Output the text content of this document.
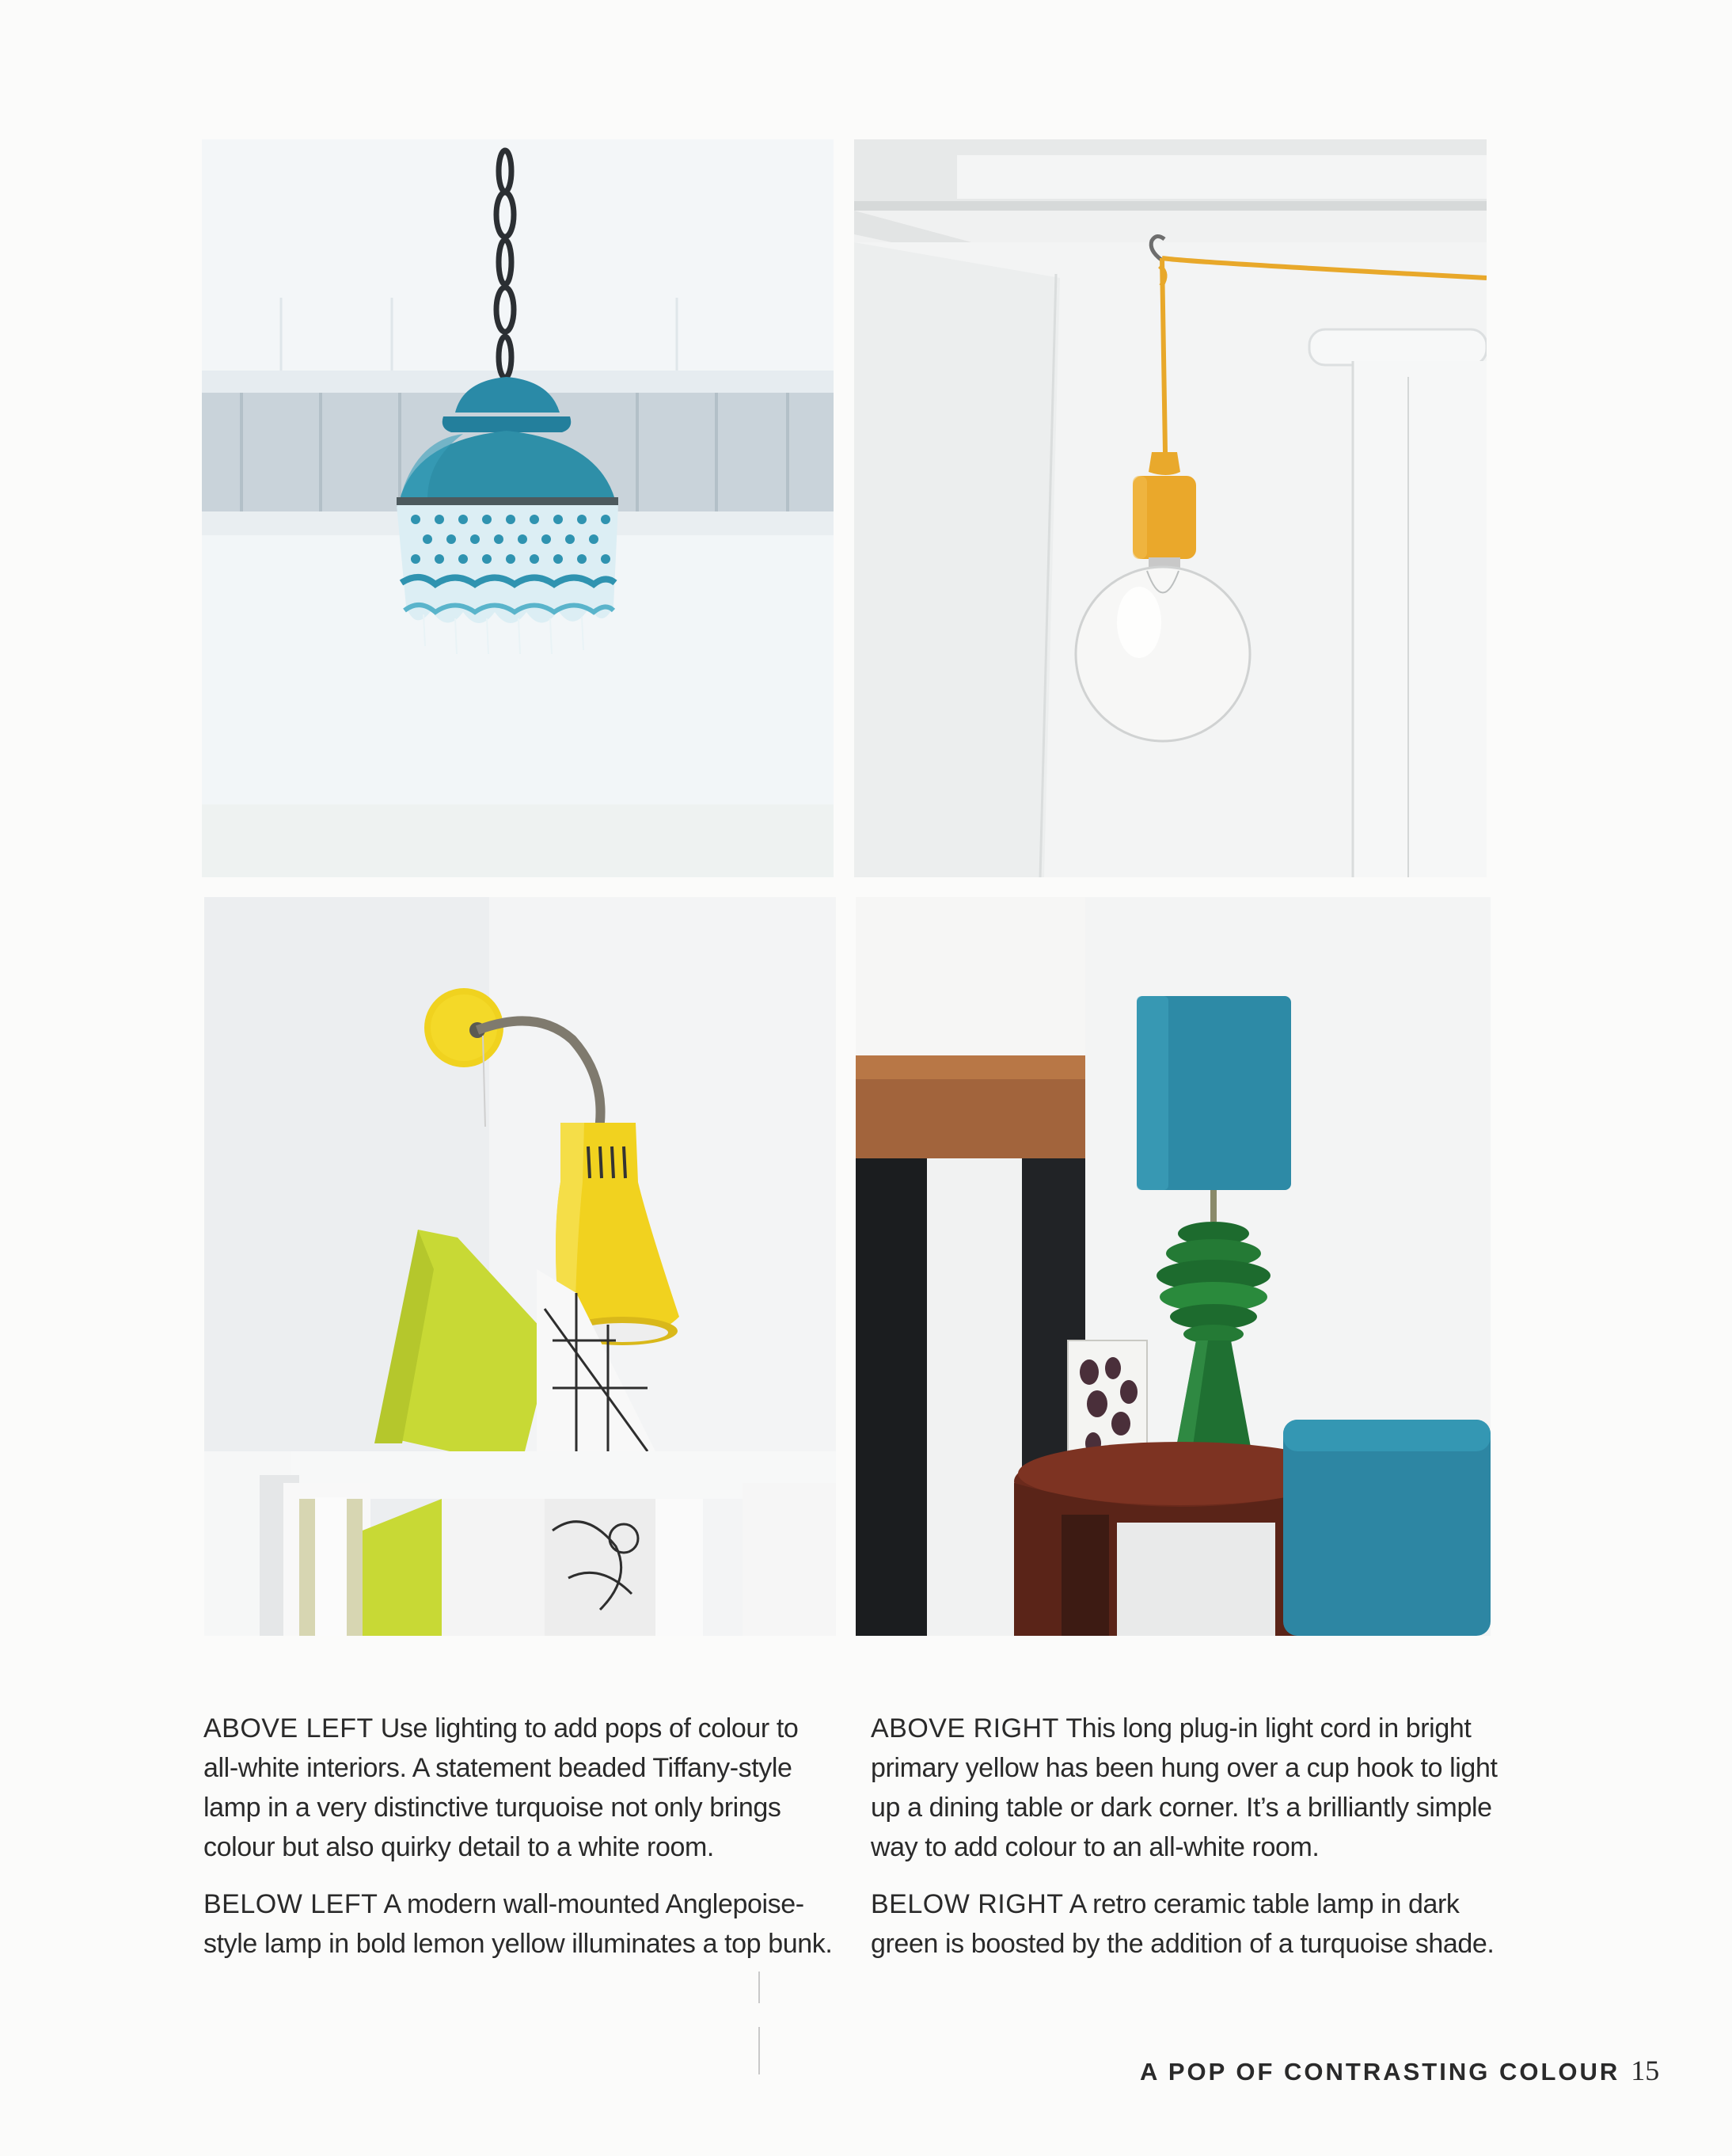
ABOVE LEFT Use lighting to add pops of colour to all-white interiors. A statement beaded Tiffany-style lamp in a very distinctive turquoise not only brings colour but also quirky detail to a white room.

BELOW LEFT A modern wall-mounted Anglepoise-style lamp in bold lemon yellow illuminates a top bunk.

ABOVE RIGHT This long plug-in light cord in bright primary yellow has been hung over a cup hook to light up a dining table or dark corner. It’s a brilliantly simple way to add colour to an all-white room.

BELOW RIGHT A retro ceramic table lamp in dark green is boosted by the addition of a turquoise shade.

A POP OF CONTRASTING COLOUR 15
